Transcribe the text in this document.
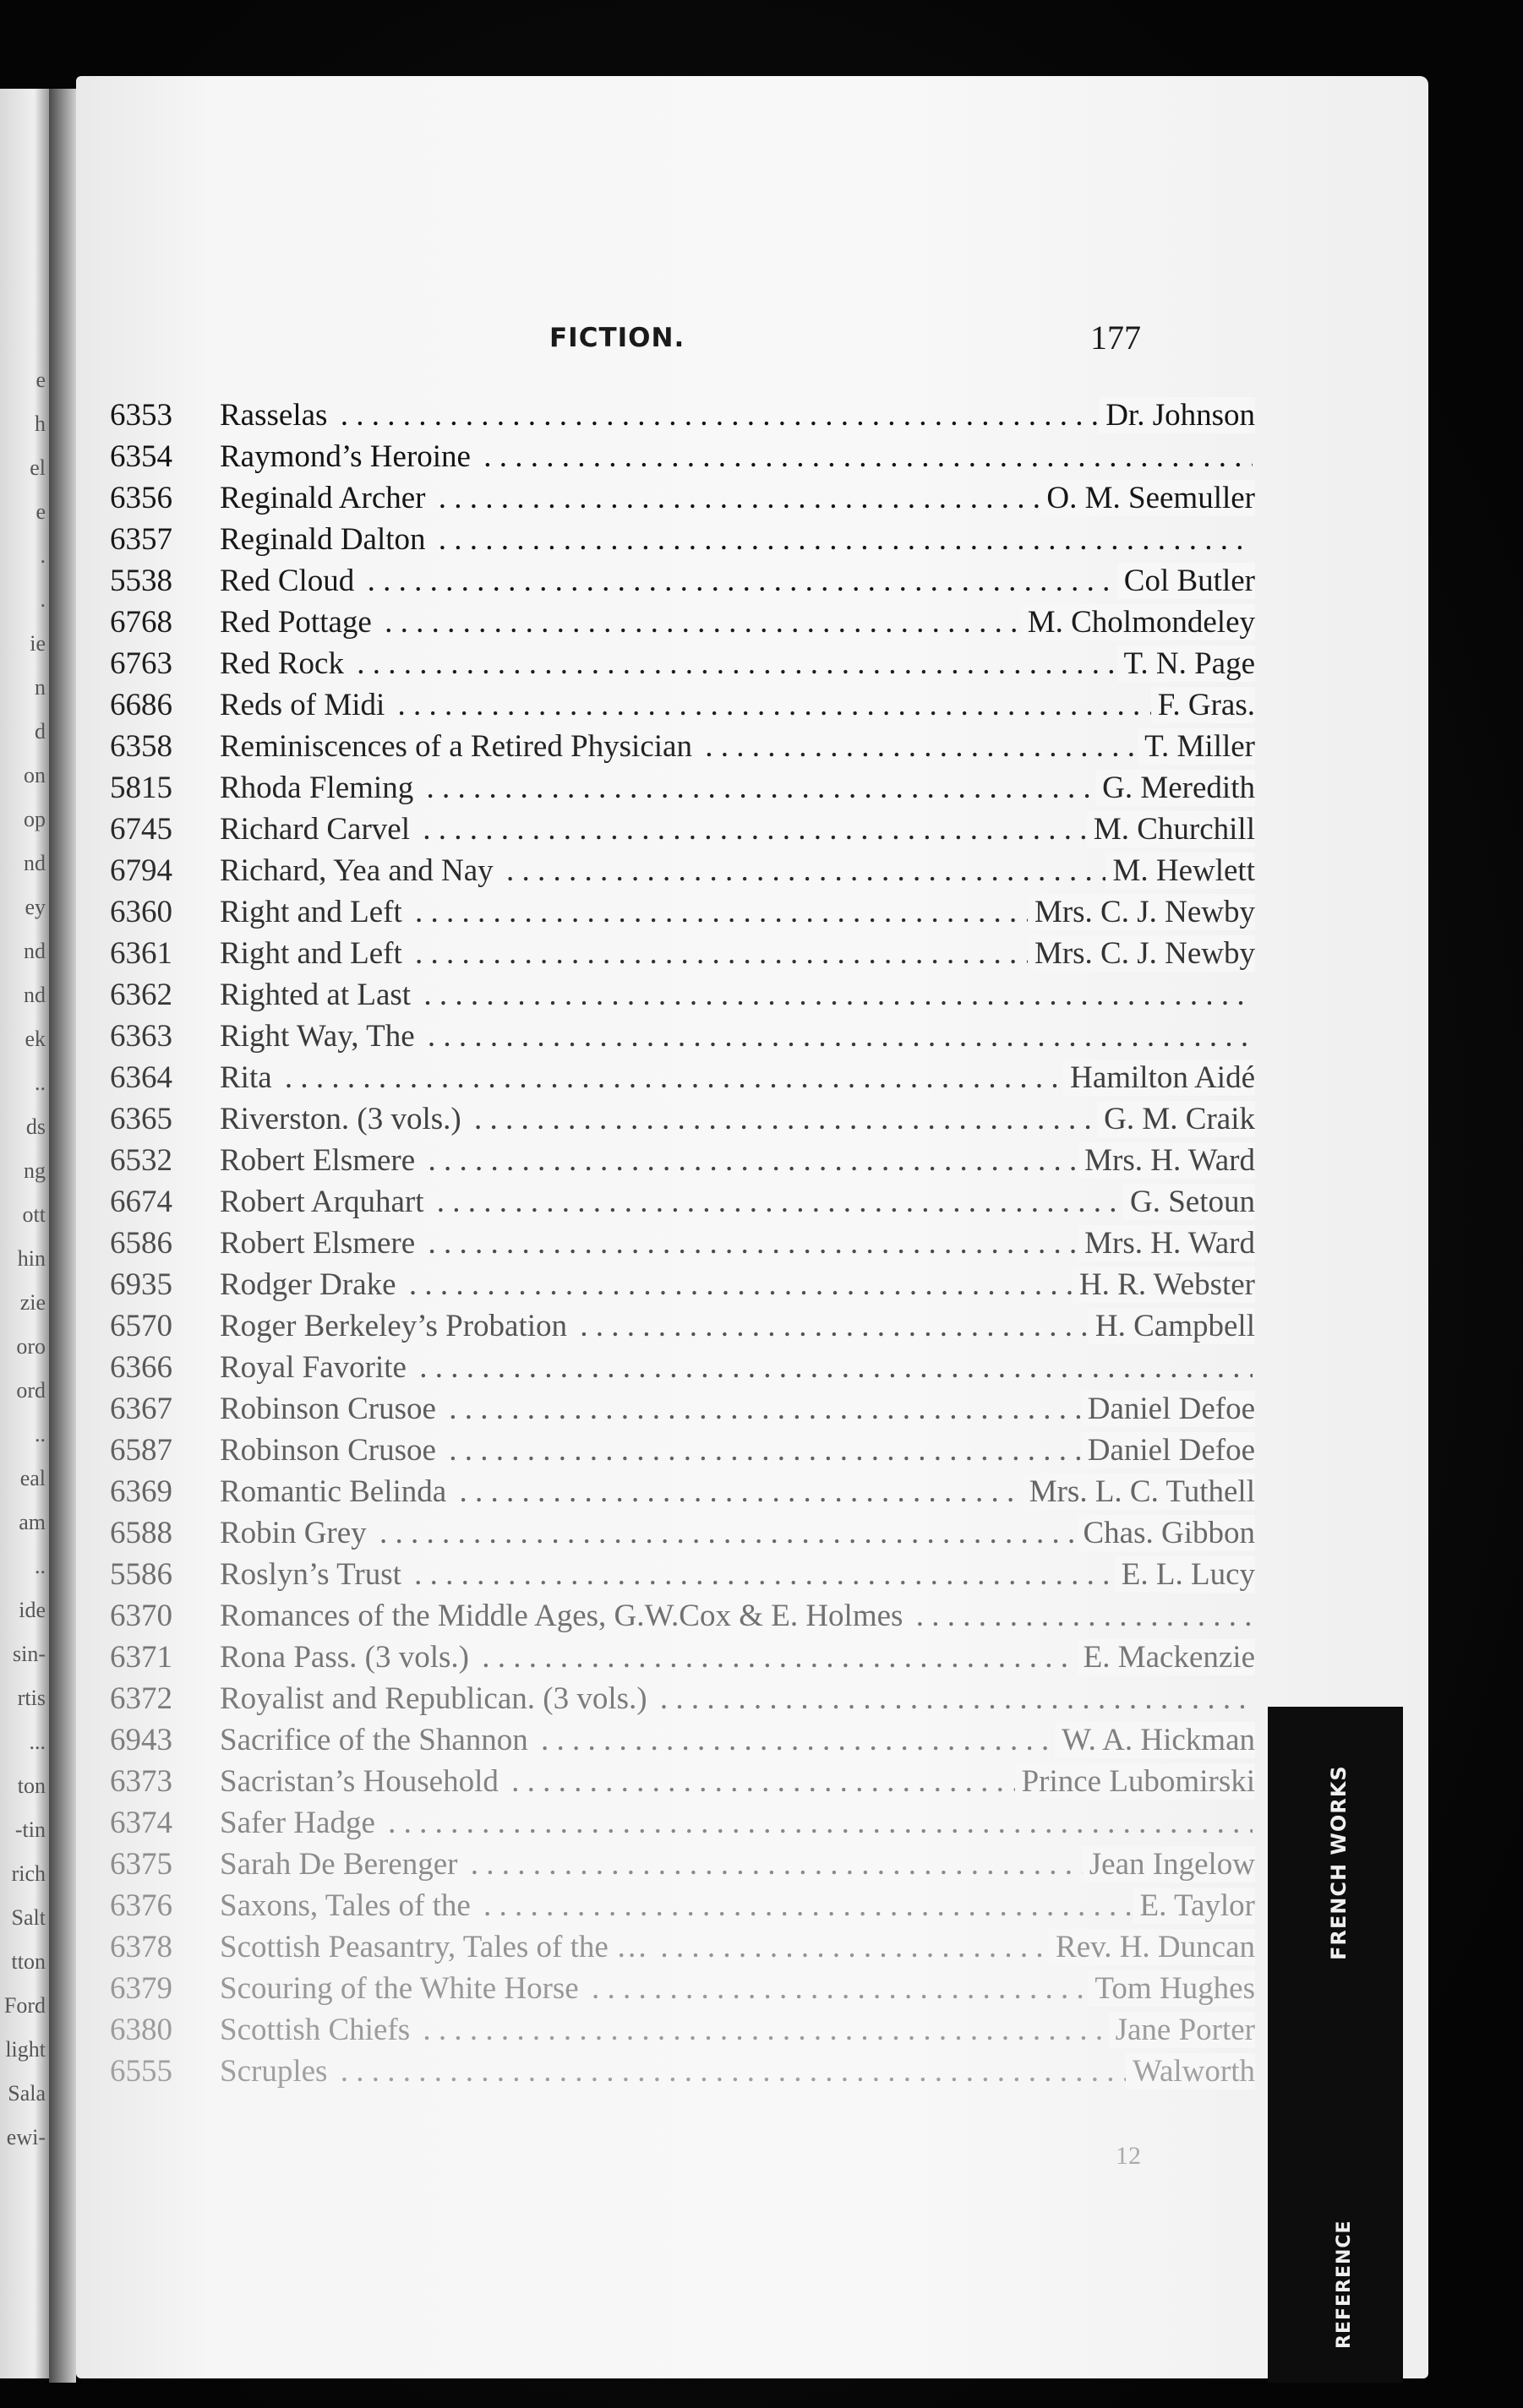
e
h
el
e
.
.
ie
n
d
on
op
nd
ey
nd
nd
ek
..
ds
ng
ott
hin
zie
oro
ord
..
eal
am
..
ide
sin-
rtis
...
ton
-tin
rich
Salt
tton
Ford
light
Sala
ewi-
FICTION.	177
6353	Rasselas . . .	Dr. Johnson
6354	Raymond’s Heroine . . .
6356	Reginald Archer . . .	O. M. Seemuller
6357	Reginald Dalton . . .
5538	Red Cloud . . .	Col Butler
6768	Red Pottage . . .	M. Cholmondeley
6763	Red Rock . . .	T. N. Page
6686	Reds of Midi . . .	F. Gras.
6358	Reminiscences of a Retired Physician . . .	T. Miller
5815	Rhoda Fleming . . .	G. Meredith
6745	Richard Carvel . . .	M. Churchill
6794	Richard, Yea and Nay . . .	M. Hewlett
6360	Right and Left . . .	Mrs. C. J. Newby
6361	Right and Left . . .	Mrs. C. J. Newby
6362	Righted at Last . . .
6363	Right Way, The . . .
6364	Rita . . .	Hamilton Aidé
6365	Riverston. (3 vols.) . . .	G. M. Craik
6532	Robert Elsmere . . .	Mrs. H. Ward
6674	Robert Arquhart . . .	G. Setoun
6586	Robert Elsmere . . .	Mrs. H. Ward
6935	Rodger Drake . . .	H. R. Webster
6570	Roger Berkeley’s Probation . . .	H. Campbell
6366	Royal Favorite . . .
6367	Robinson Crusoe . . .	Daniel Defoe
6587	Robinson Crusoe . . .	Daniel Defoe
6369	Romantic Belinda . . .	Mrs. L. C. Tuthell
6588	Robin Grey . . .	Chas. Gibbon
5586	Roslyn’s Trust . . .	E. L. Lucy
6370	Romances of the Middle Ages, G.W.Cox & E. Holmes . . .
6371	Rona Pass. (3 vols.) . . .	E. Mackenzie
6372	Royalist and Republican. (3 vols.) . . .
6943	Sacrifice of the Shannon . . .	W. A. Hickman
6373	Sacristan’s Household . . .	Prince Lubomirski
6374	Safer Hadge . . .
6375	Sarah De Berenger . . .	Jean Ingelow
6376	Saxons, Tales of the . . .	E. Taylor
6378	Scottish Peasantry, Tales of the … . . .	Rev. H. Duncan
6379	Scouring of the White Horse . . .	Tom Hughes
6380	Scottish Chiefs . . .	Jane Porter
6555	Scruples . . .	Walworth
12
FRENCH WORKS
REFERENCE
